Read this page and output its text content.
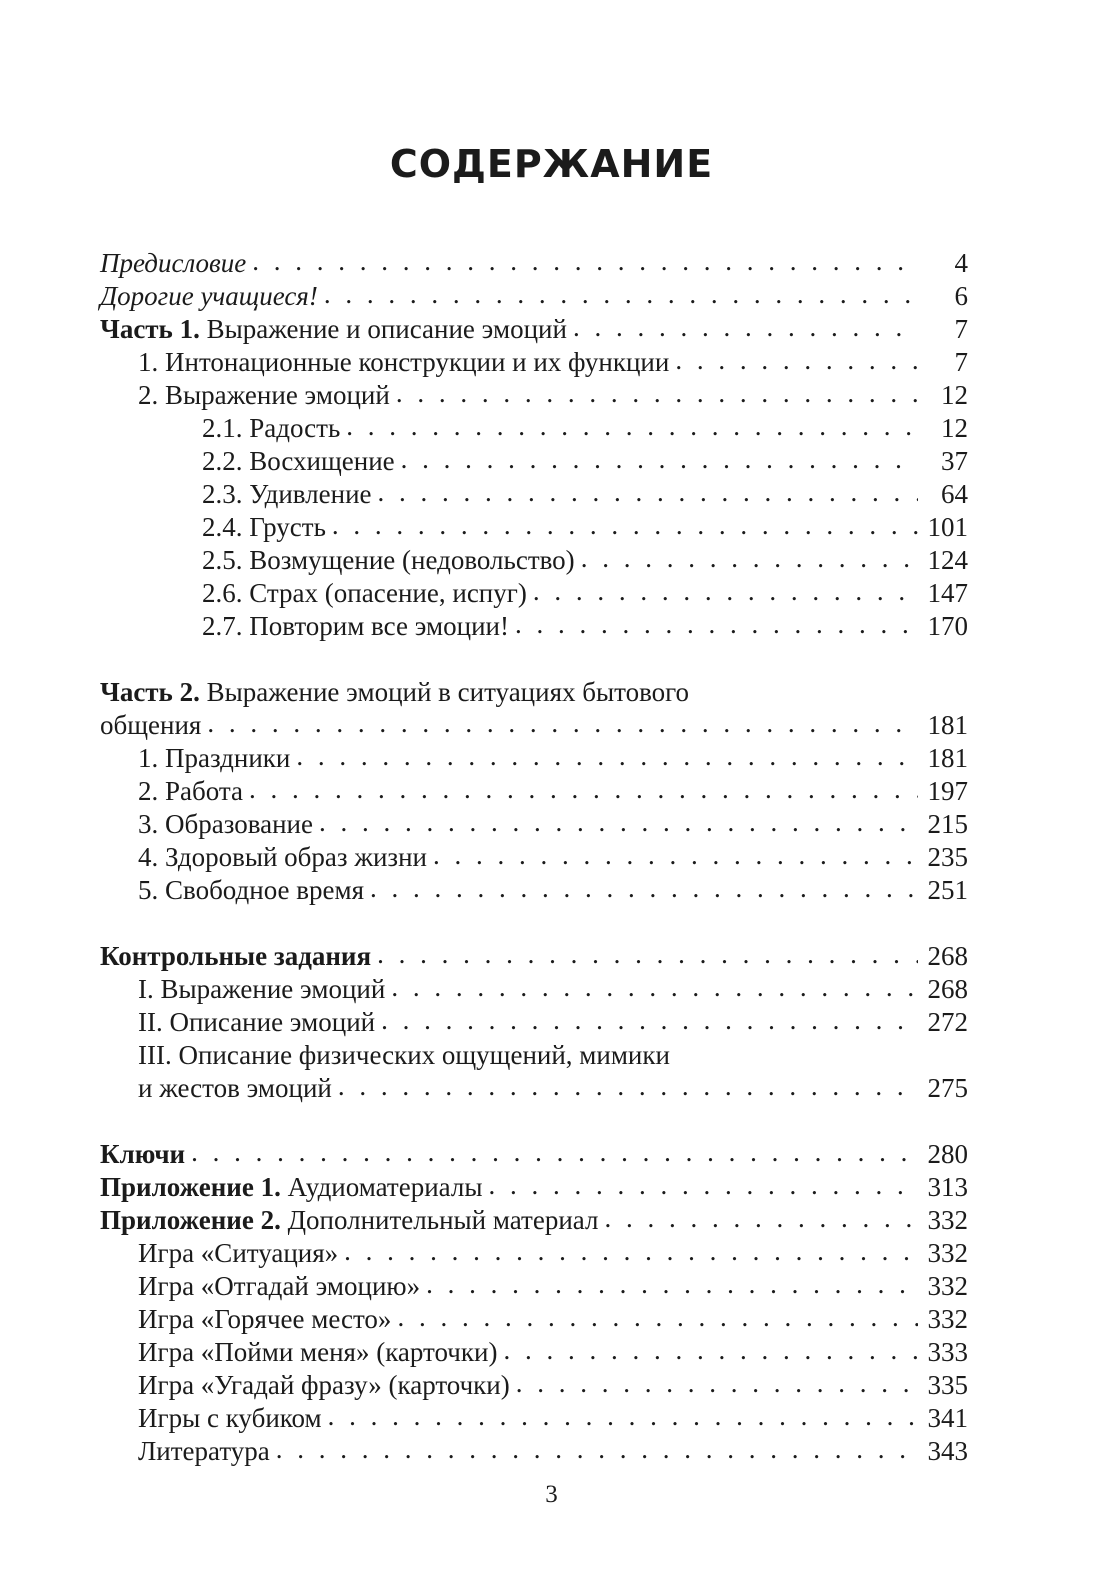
СОДЕРЖАНИЕ
Предисловие . . .	4
Дорогие учащиеся! . . .	6
Часть 1. Выражение и описание эмоций . . .	7
1. Интонационные конструкции и их функции . . .	7
2. Выражение эмоций . . .	12
2.1. Радость . . .	12
2.2. Восхищение . . .	37
2.3. Удивление . . .	64
2.4. Грусть . . .	101
2.5. Возмущение (недовольство) . . .	124
2.6. Страх (опасение, испуг) . . .	147
2.7. Повторим все эмоции! . . .	170
Часть 2. Выражение эмоций в ситуациях бытового
общения . . .	181
1. Праздники . . .	181
2. Работа . . .	197
3. Образование . . .	215
4. Здоровый образ жизни . . .	235
5. Свободное время . . .	251
Контрольные задания . . .	268
I. Выражение эмоций . . .	268
II. Описание эмоций . . .	272
III. Описание физических ощущений, мимики
и жестов эмоций . . .	275
Ключи . . .	280
Приложение 1. Аудиоматериалы . . .	313
Приложение 2. Дополнительный материал . . .	332
Игра «Ситуация» . . .	332
Игра «Отгадай эмоцию» . . .	332
Игра «Горячее место» . . .	332
Игра «Пойми меня» (карточки) . . .	333
Игра «Угадай фразу» (карточки) . . .	335
Игры с кубиком . . .	341
Литература . . .	343
3
